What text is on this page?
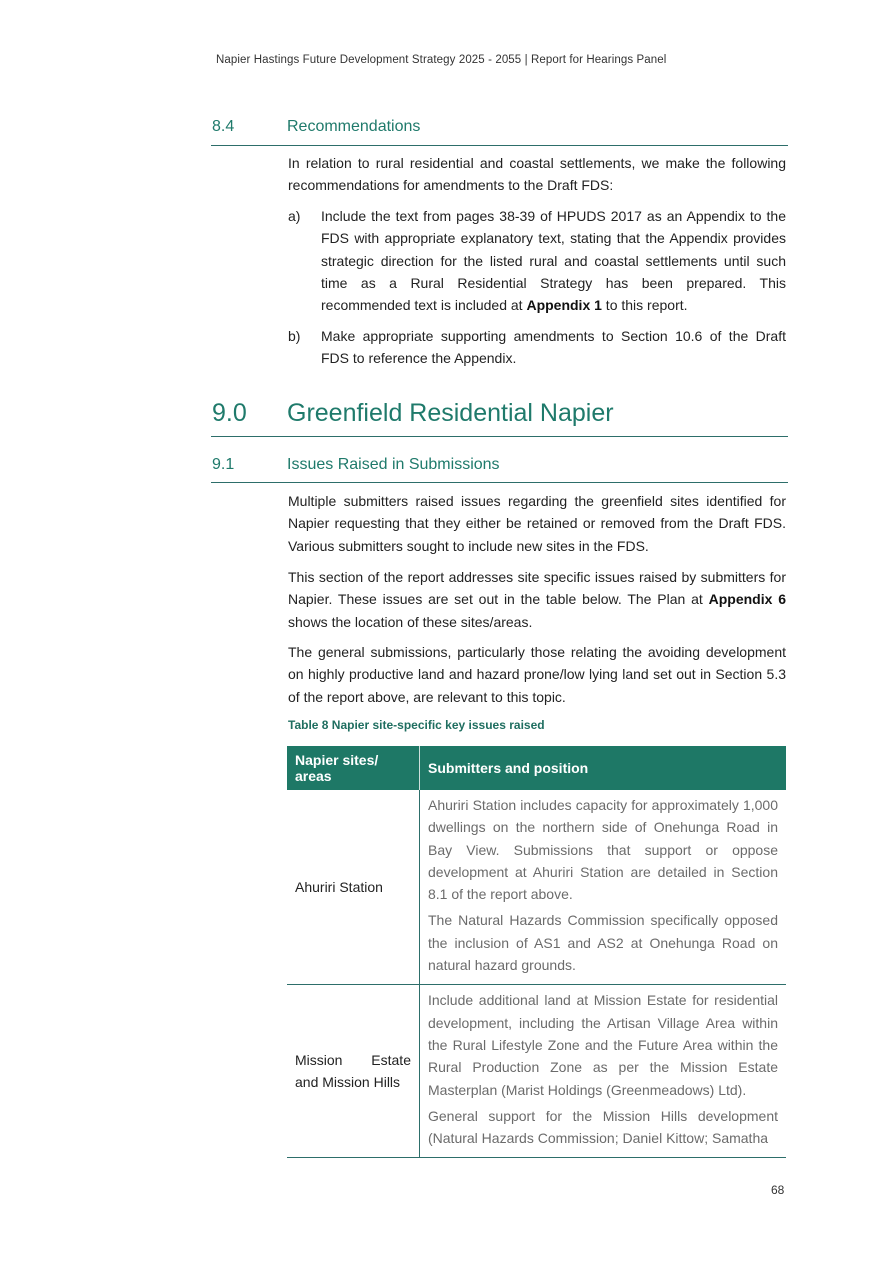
Napier Hastings Future Development Strategy 2025 - 2055 | Report for Hearings Panel
8.4	Recommendations
In relation to rural residential and coastal settlements, we make the following recommendations for amendments to the Draft FDS:
a) Include the text from pages 38-39 of HPUDS 2017 as an Appendix to the FDS with appropriate explanatory text, stating that the Appendix provides strategic direction for the listed rural and coastal settlements until such time as a Rural Residential Strategy has been prepared. This recommended text is included at Appendix 1 to this report.
b) Make appropriate supporting amendments to Section 10.6 of the Draft FDS to reference the Appendix.
9.0 Greenfield Residential Napier
9.1	Issues Raised in Submissions
Multiple submitters raised issues regarding the greenfield sites identified for Napier requesting that they either be retained or removed from the Draft FDS. Various submitters sought to include new sites in the FDS.
This section of the report addresses site specific issues raised by submitters for Napier. These issues are set out in the table below. The Plan at Appendix 6 shows the location of these sites/areas.
The general submissions, particularly those relating the avoiding development on highly productive land and hazard prone/low lying land set out in Section 5.3 of the report above, are relevant to this topic.
Table 8 Napier site-specific key issues raised
Napier sites/ areas	Submitters and position
Ahuriri Station	Ahuriri Station includes capacity for approximately 1,000 dwellings on the northern side of Onehunga Road in Bay View. Submissions that support or oppose development at Ahuriri Station are detailed in Section 8.1 of the report above.

The Natural Hazards Commission specifically opposed the inclusion of AS1 and AS2 at Onehunga Road on natural hazard grounds.

Mission Estate and Mission Hills	Include additional land at Mission Estate for residential development, including the Artisan Village Area within the Rural Lifestyle Zone and the Future Area within the Rural Production Zone as per the Mission Estate Masterplan (Marist Holdings (Greenmeadows) Ltd).

General support for the Mission Hills development (Natural Hazards Commission; Daniel Kittow; Samatha

68
